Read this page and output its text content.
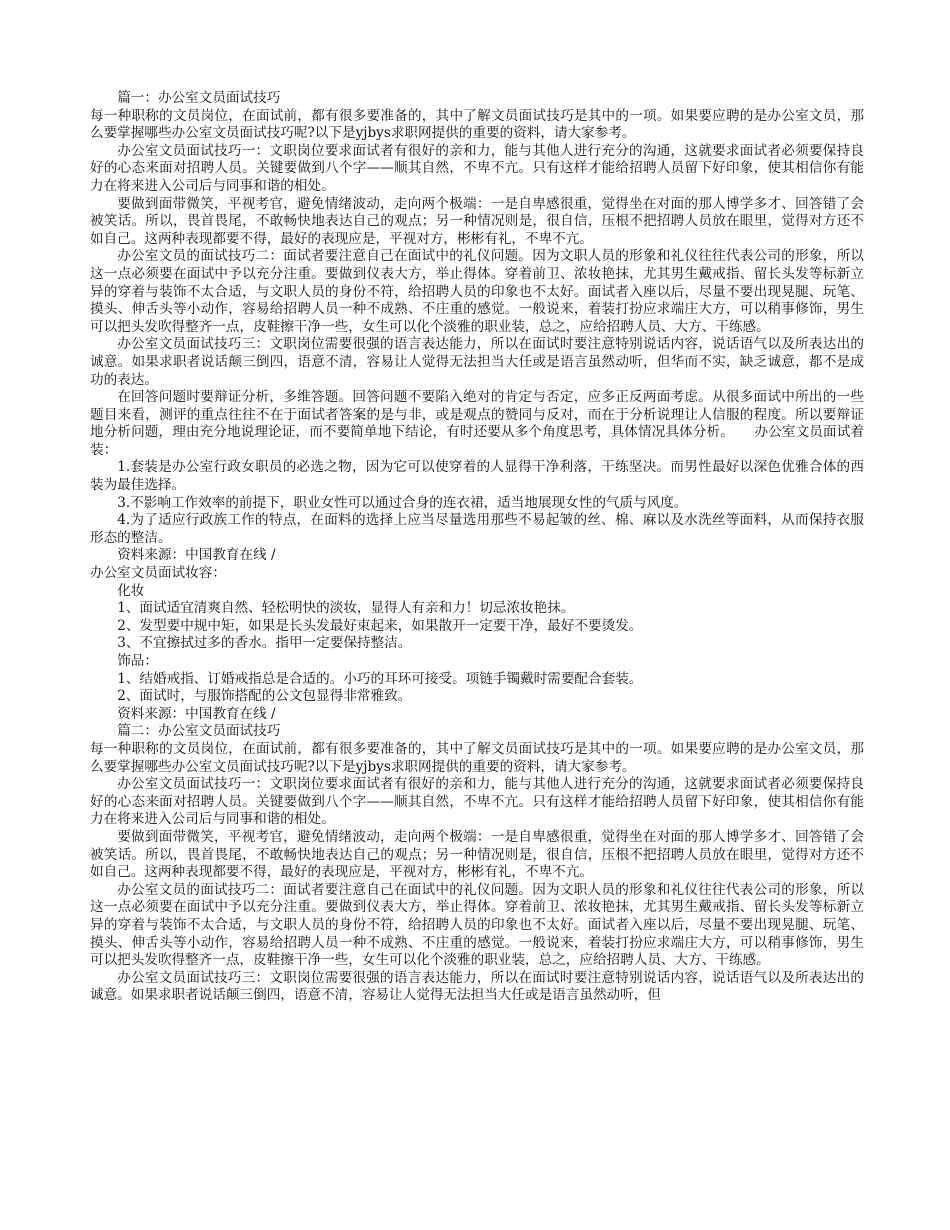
篇一：办公室文员面试技巧

每一种职称的文员岗位，在面试前，都有很多要准备的，其中了解文员面试技巧是其中的一项。如果要应聘的是办公室文员，那么要掌握哪些办公室文员面试技巧呢?以下是yjbys求职网提供的重要的资料，请大家参考。

办公室文员面试技巧一：文职岗位要求面试者有很好的亲和力，能与其他人进行充分的沟通，这就要求面试者必须要保持良好的心态来面对招聘人员。关键要做到八个字——顺其自然，不卑不亢。只有这样才能给招聘人员留下好印象，使其相信你有能力在将来进入公司后与同事和谐的相处。

要做到面带微笑，平视考官，避免情绪波动，走向两个极端：一是自卑感很重，觉得坐在对面的那人博学多才、回答错了会被笑话。所以，畏首畏尾，不敢畅快地表达自己的观点；另一种情况则是，很自信，压根不把招聘人员放在眼里，觉得对方还不如自己。这两种表现都要不得，最好的表现应是，平视对方，彬彬有礼，不卑不亢。

办公室文员的面试技巧二：面试者要注意自己在面试中的礼仪问题。因为文职人员的形象和礼仪往往代表公司的形象，所以这一点必须要在面试中予以充分注重。要做到仪表大方，举止得体。穿着前卫、浓妆艳抹，尤其男生戴戒指、留长头发等标新立异的穿着与装饰不太合适，与文职人员的身份不符，给招聘人员的印象也不太好。面试者入座以后，尽量不要出现晃腿、玩笔、摸头、伸舌头等小动作，容易给招聘人员一种不成熟、不庄重的感觉。一般说来，着装打扮应求端庄大方，可以稍事修饰，男生可以把头发吹得整齐一点，皮鞋擦干净一些，女生可以化个淡雅的职业装，总之，应给招聘人员、大方、干练感。

办公室文员面试技巧三：文职岗位需要很强的语言表达能力，所以在面试时要注意特别说话内容，说话语气以及所表达出的诚意。如果求职者说话颠三倒四，语意不清，容易让人觉得无法担当大任或是语言虽然动听，但华而不实，缺乏诚意，都不是成功的表达。

在回答问题时要辩证分析，多维答题。回答问题不要陷入绝对的肯定与否定，应多正反两面考虑。从很多面试中所出的一些题目来看，测评的重点往往不在于面试者答案的是与非，或是观点的赞同与反对，而在于分析说理让人信服的程度。所以要辩证地分析问题，理由充分地说理论证，而不要简单地下结论，有时还要从多个角度思考，具体情况具体分析。　　办公室文员面试着装：

1.套装是办公室行政女职员的必选之物，因为它可以使穿着的人显得干净利落，干练坚决。而男性最好以深色优雅合体的西装为最佳选择。

3.不影响工作效率的前提下，职业女性可以通过合身的连衣裙，适当地展现女性的气质与风度。

4.为了适应行政族工作的特点，在面料的选择上应当尽量选用那些不易起皱的丝、棉、麻以及水洗丝等面料，从而保持衣服形态的整洁。

资料来源：中国教育在线 /

办公室文员面试妆容：

化妆

1、面试适宜清爽自然、轻松明快的淡妆，显得人有亲和力！切忌浓妆艳抹。

2、发型要中规中矩，如果是长头发最好束起来，如果散开一定要干净，最好不要烫发。

3、不宜擦拭过多的香水。指甲一定要保持整洁。

饰品：

1、结婚戒指、订婚戒指总是合适的。小巧的耳环可接受。项链手镯戴时需要配合套装。

2、面试时，与服饰搭配的公文包显得非常雅致。

资料来源：中国教育在线 /

篇二：办公室文员面试技巧

每一种职称的文员岗位，在面试前，都有很多要准备的，其中了解文员面试技巧是其中的一项。如果要应聘的是办公室文员，那么要掌握哪些办公室文员面试技巧呢?以下是yjbys求职网提供的重要的资料，请大家参考。

办公室文员面试技巧一：文职岗位要求面试者有很好的亲和力，能与其他人进行充分的沟通，这就要求面试者必须要保持良好的心态来面对招聘人员。关键要做到八个字——顺其自然，不卑不亢。只有这样才能给招聘人员留下好印象，使其相信你有能力在将来进入公司后与同事和谐的相处。

要做到面带微笑，平视考官，避免情绪波动，走向两个极端：一是自卑感很重，觉得坐在对面的那人博学多才、回答错了会被笑话。所以，畏首畏尾，不敢畅快地表达自己的观点；另一种情况则是，很自信，压根不把招聘人员放在眼里，觉得对方还不如自己。这两种表现都要不得，最好的表现应是，平视对方，彬彬有礼，不卑不亢。

办公室文员的面试技巧二：面试者要注意自己在面试中的礼仪问题。因为文职人员的形象和礼仪往往代表公司的形象，所以这一点必须要在面试中予以充分注重。要做到仪表大方，举止得体。穿着前卫、浓妆艳抹，尤其男生戴戒指、留长头发等标新立异的穿着与装饰不太合适，与文职人员的身份不符，给招聘人员的印象也不太好。面试者入座以后，尽量不要出现晃腿、玩笔、摸头、伸舌头等小动作，容易给招聘人员一种不成熟、不庄重的感觉。一般说来，着装打扮应求端庄大方，可以稍事修饰，男生可以把头发吹得整齐一点，皮鞋擦干净一些，女生可以化个淡雅的职业装，总之，应给招聘人员、大方、干练感。

办公室文员面试技巧三：文职岗位需要很强的语言表达能力，所以在面试时要注意特别说话内容，说话语气以及所表达出的诚意。如果求职者说话颠三倒四，语意不清，容易让人觉得无法担当大任或是语言虽然动听，但
